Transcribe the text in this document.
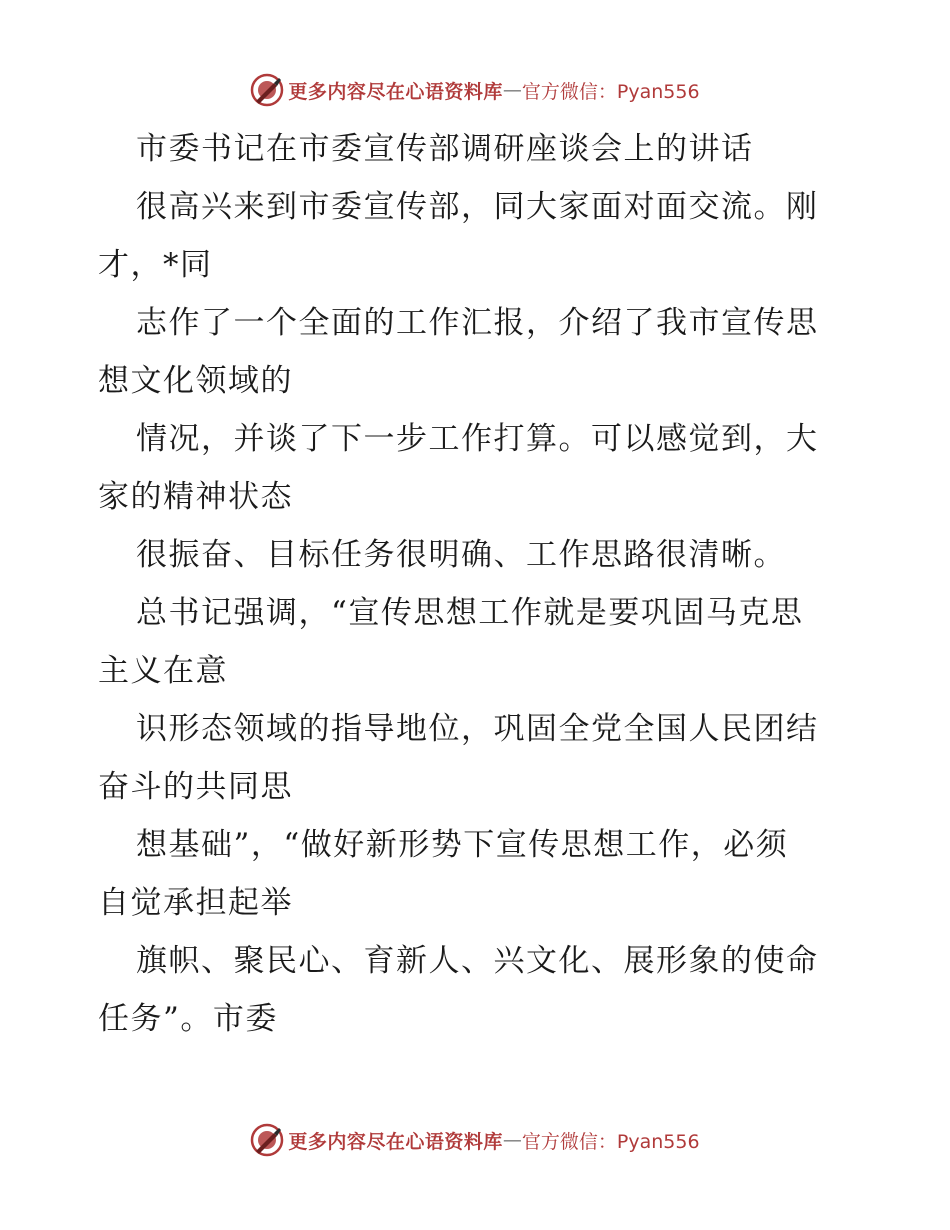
更多内容尽在心语资料库 — 官方微信：Pyan556
市委书记在市委宣传部调研座谈会上的讲话
很高兴来到市委宣传部，同大家面对面交流。刚
才，*同
志作了一个全面的工作汇报，介绍了我市宣传思
想文化领域的
情况，并谈了下一步工作打算。可以感觉到，大
家的精神状态
很振奋、目标任务很明确、工作思路很清晰。
总书记强调，“宣传思想工作就是要巩固马克思
主义在意
识形态领域的指导地位，巩固全党全国人民团结
奋斗的共同思
想基础”，“做好新形势下宣传思想工作，必须
自觉承担起举
旗帜、聚民心、育新人、兴文化、展形象的使命
任务”。市委
更多内容尽在心语资料库 — 官方微信：Pyan556
